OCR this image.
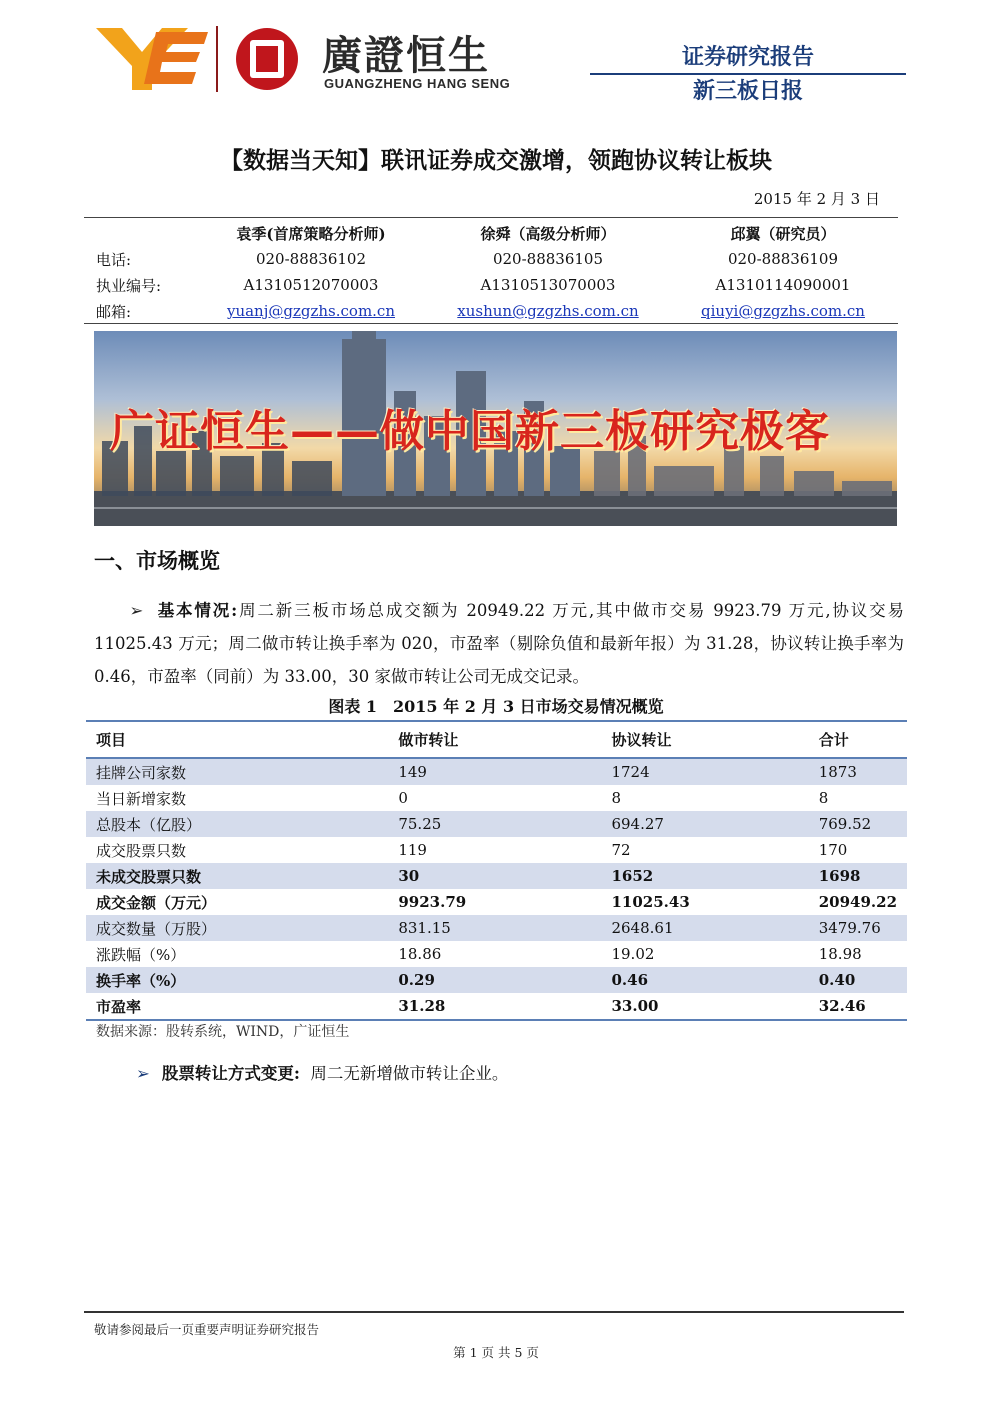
廣證恒生
GUANGZHENG HANG SENG
证券研究报告
新三板日报
【数据当天知】联讯证券成交激增，领跑协议转让板块
2015 年 2 月 3 日
袁季(首席策略分析师)	徐舜（高级分析师）	邱翼（研究员）
电话:	020-88836102	020-88836105	020-88836109
执业编号:	A1310512070003	A1310513070003	A1310114090001
邮箱:	yuanj@gzgzhs.com.cn	xushun@gzgzhs.com.cn	qiuyi@gzgzhs.com.cn
广证恒生——做中国新三板研究极客
一、市场概览
➢ 基本情况:周二新三板市场总成交额为 20949.22 万元,其中做市交易 9923.79 万元,协议交易 11025.43 万元；周二做市转让换手率为 020，市盈率（剔除负值和最新年报）为 31.28，协议转让换手率为 0.46，市盈率（同前）为 33.00，30 家做市转让公司无成交记录。
图表 1　2015 年 2 月 3 日市场交易情况概览
项目	做市转让	协议转让	合计
挂牌公司家数	149	1724	1873
当日新增家数	0	8	8
总股本（亿股）	75.25	694.27	769.52
成交股票只数	119	72	170
未成交股票只数	30	1652	1698
成交金额（万元）	9923.79	11025.43	20949.22
成交数量（万股）	831.15	2648.61	3479.76
涨跌幅（%）	18.86	19.02	18.98
换手率（%）	0.29	0.46	0.40
市盈率	31.28	33.00	32.46
数据来源：股转系统，WIND，广证恒生
➢ 股票转让方式变更: 周二无新增做市转让企业。
敬请参阅最后一页重要声明证券研究报告
第 1 页 共 5 页
